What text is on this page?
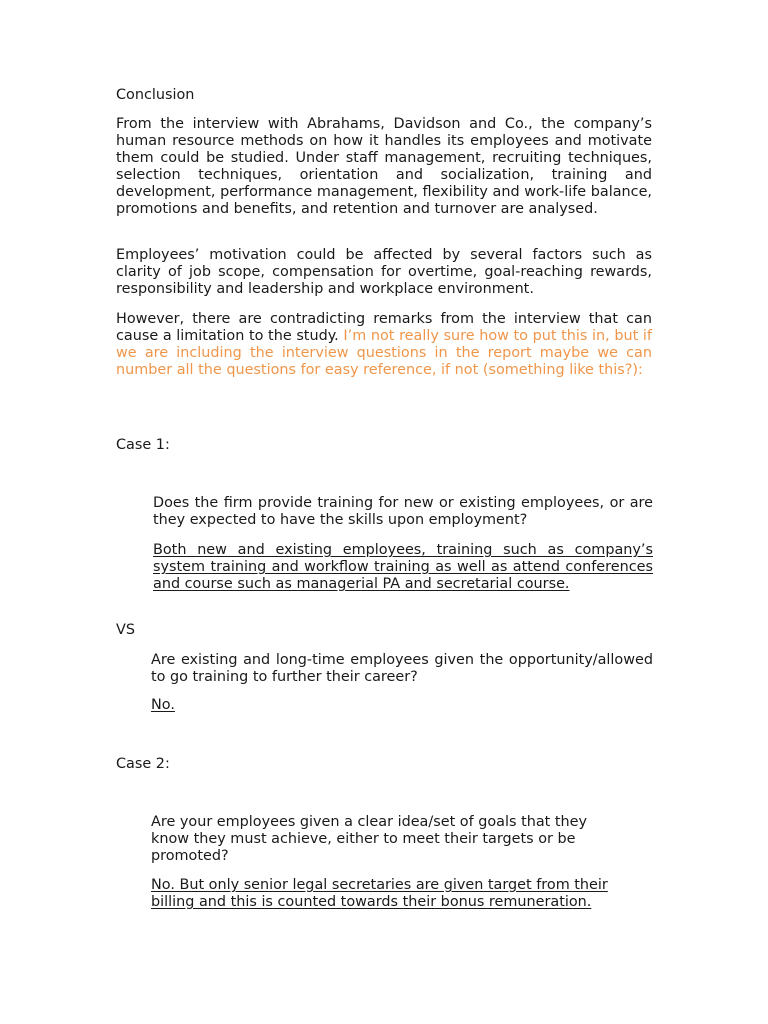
Conclusion

From the interview with Abrahams, Davidson and Co., the company’s human resource methods on how it handles its employees and motivate them could be studied. Under staff management, recruiting techniques, selection techniques, orientation and socialization, training and development, performance management, flexibility and work-life balance, promotions and benefits, and retention and turnover are analysed.

Employees’ motivation could be affected by several factors such as clarity of job scope, compensation for overtime, goal-reaching rewards, responsibility and leadership and workplace environment.

However, there are contradicting remarks from the interview that can cause a limitation to the study. I’m not really sure how to put this in, but if we are including the interview questions in the report maybe we can number all the questions for easy reference, if not (something like this?):

Case 1:

Does the firm provide training for new or existing employees, or are they expected to have the skills upon employment?

Both new and existing employees, training such as company’s system training and workflow training as well as attend conferences and course such as managerial PA and secretarial course.

VS

Are existing and long-time employees given the opportunity/allowed to go training to further their career?

No.

Case 2:

Are your employees given a clear idea/set of goals that they know they must achieve, either to meet their targets or be promoted?

No. But only senior legal secretaries are given target from their billing and this is counted towards their bonus remuneration.
